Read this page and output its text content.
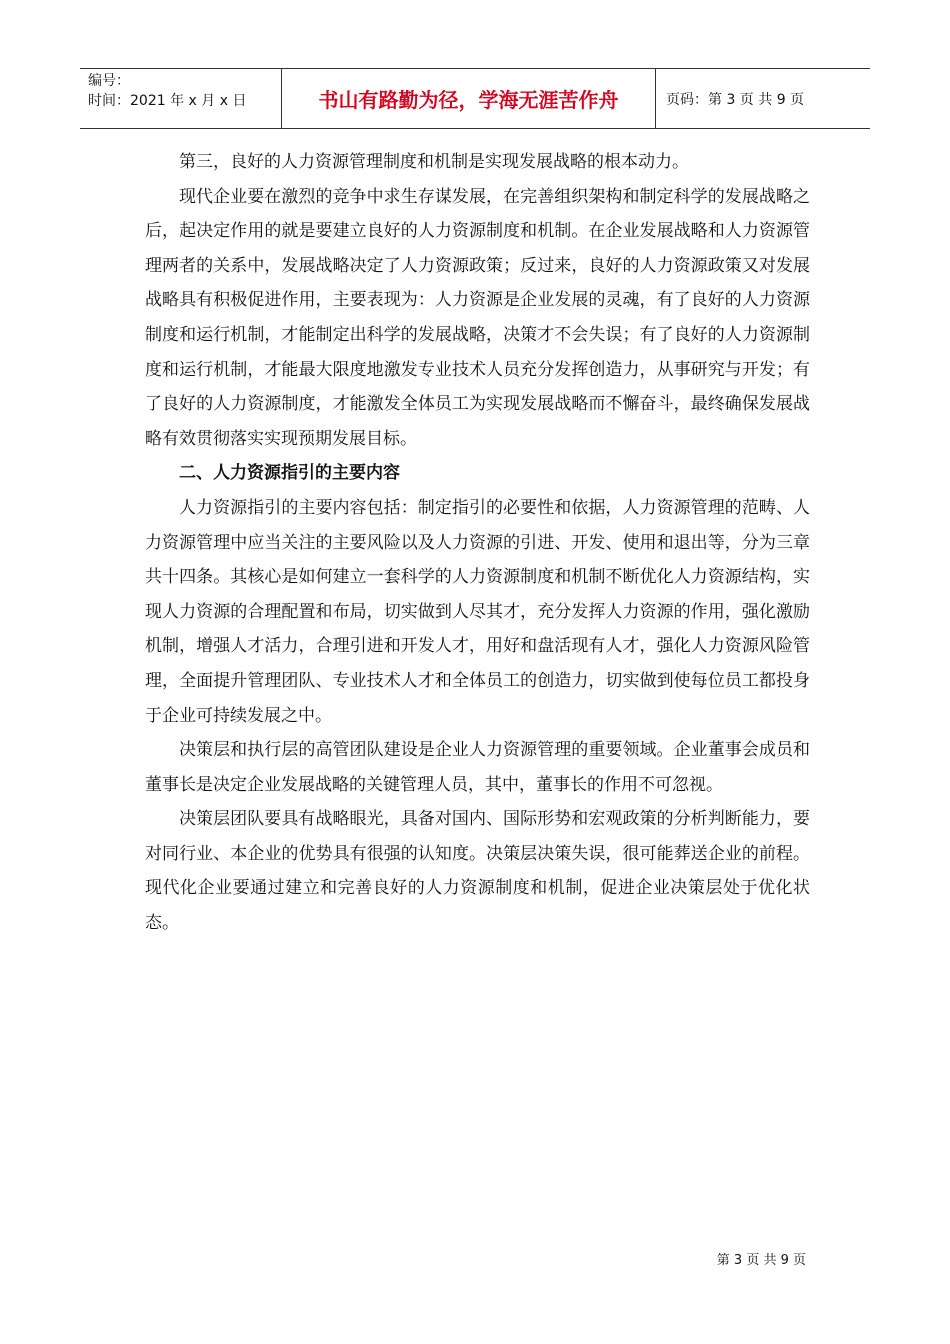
编号：
时间：2021 年 x 月 x 日	书山有路勤为径，学海无涯苦作舟	页码：第 3 页 共 9 页

第三，良好的人力资源管理制度和机制是实现发展战略的根本动力。

现代企业要在激烈的竞争中求生存谋发展，在完善组织架构和制定科学的发展战略之后，起决定作用的就是要建立良好的人力资源制度和机制。在企业发展战略和人力资源管理两者的关系中，发展战略决定了人力资源政策；反过来，良好的人力资源政策又对发展战略具有积极促进作用，主要表现为：人力资源是企业发展的灵魂，有了良好的人力资源制度和运行机制，才能制定出科学的发展战略，决策才不会失误；有了良好的人力资源制度和运行机制，才能最大限度地激发专业技术人员充分发挥创造力，从事研究与开发；有了良好的人力资源制度，才能激发全体员工为实现发展战略而不懈奋斗，最终确保发展战略有效贯彻落实实现预期发展目标。

二、人力资源指引的主要内容

人力资源指引的主要内容包括：制定指引的必要性和依据，人力资源管理的范畴、人力资源管理中应当关注的主要风险以及人力资源的引进、开发、使用和退出等，分为三章共十四条。其核心是如何建立一套科学的人力资源制度和机制不断优化人力资源结构，实现人力资源的合理配置和布局，切实做到人尽其才，充分发挥人力资源的作用，强化激励机制，增强人才活力，合理引进和开发人才，用好和盘活现有人才，强化人力资源风险管理，全面提升管理团队、专业技术人才和全体员工的创造力，切实做到使每位员工都投身于企业可持续发展之中。

决策层和执行层的高管团队建设是企业人力资源管理的重要领域。企业董事会成员和董事长是决定企业发展战略的关键管理人员，其中，董事长的作用不可忽视。

决策层团队要具有战略眼光，具备对国内、国际形势和宏观政策的分析判断能力，要对同行业、本企业的优势具有很强的认知度。决策层决策失误，很可能葬送企业的前程。现代化企业要通过建立和完善良好的人力资源制度和机制，促进企业决策层处于优化状态。

第 3 页 共 9 页
